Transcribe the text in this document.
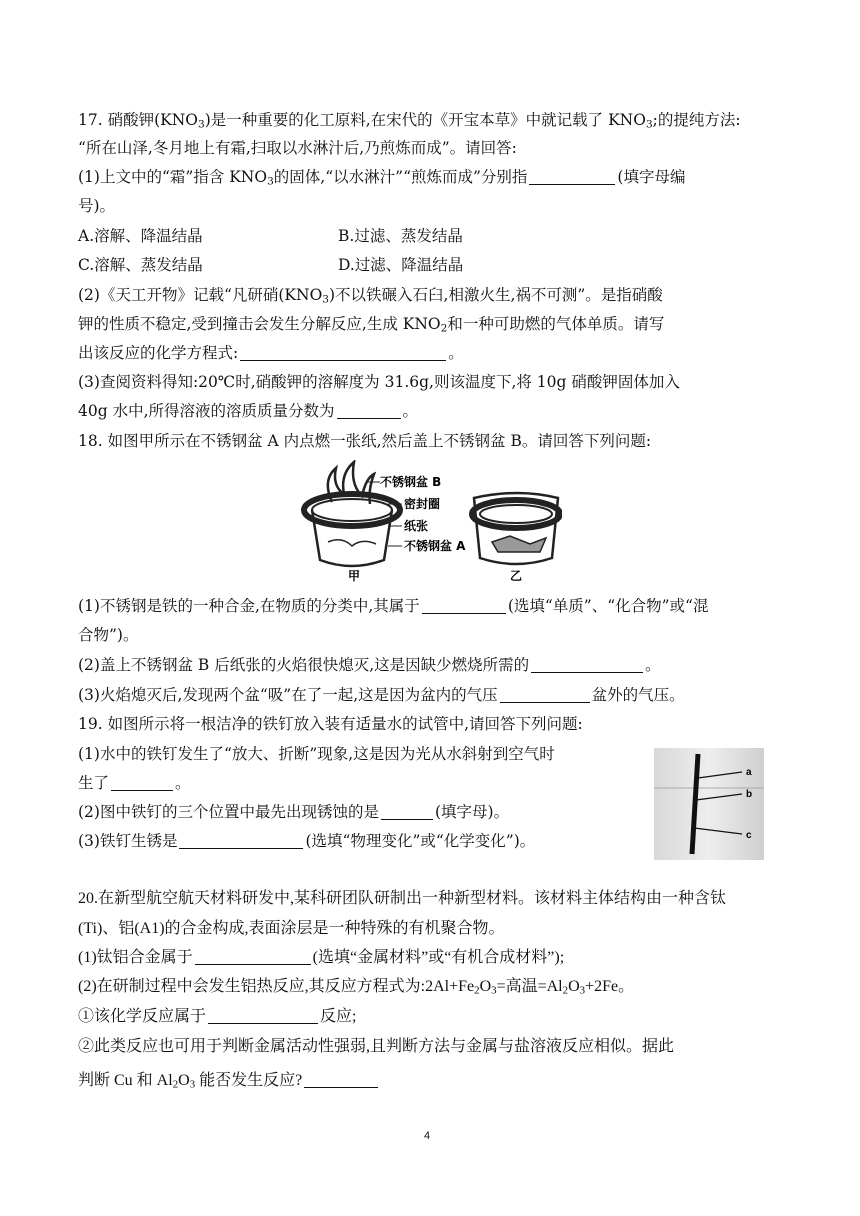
17. 硝酸钾$(KNO_3)$是一种重要的化工原料,在宋代的《开宝本草》中就记载了 $KNO_3$;的提纯方法:
“所在山泽,冬月地上有霜,扫取以水淋汁后,乃煎炼而成”。请回答:
(1)上文中的“霜”指含 $KNO_3$的固体,“以水淋汁”“煎炼而成”分别指	(填字母编
号)。
A.溶解、降温结晶	B.过滤、蒸发结晶
C.溶解、蒸发结晶	D.过滤、降温结晶
(2)《天工开物》记载“凡研硝$(KNO_3)$不以铁碾入石臼,相激火生,祸不可测”。是指硝酸
钾的性质不稳定,受到撞击会发生分解反应,生成 $KNO_2$和一种可助燃的气体单质。请写
出该反应的化学方程式:	。
(3)查阅资料得知:20℃时,硝酸钾的溶解度为 31.6g,则该温度下,将 10g 硝酸钾固体加入
40g 水中,所得溶液的溶质质量分数为	。
18. 如图甲所示在不锈钢盆 A 内点燃一张纸,然后盖上不锈钢盆 B。请回答下列问题:
不锈钢盆 B
密封圈
纸张
不锈钢盆 A
甲	乙
(1)不锈钢是铁的一种合金,在物质的分类中,其属于	(选填“单质”、“化合物”或“混
合物”)。
(2)盖上不锈钢盆 B 后纸张的火焰很快熄灭,这是因缺少燃烧所需的	。
(3)火焰熄灭后,发现两个盆“吸”在了一起,这是因为盆内的气压	盆外的气压。
19. 如图所示将一根洁净的铁钉放入装有适量水的试管中,请回答下列问题:
(1)水中的铁钉发生了“放大、折断”现象,这是因为光从水斜射到空气时
生了	。
(2)图中铁钉的三个位置中最先出现锈蚀的是	(填字母)。
(3)铁钉生锈是	(选填“物理变化”或“化学变化”)。
a
b
c
20.在新型航空航天材料研发中,某科研团队研制出一种新型材料。该材料主体结构由一种含钛
(Ti)、铝(A1)的合金构成,表面涂层是一种特殊的有机聚合物。
(1)钛铝合金属于	(选填“金属材料”或“有机合成材料”);
(2)在研制过程中会发生铝热反应,其反应方程式为$:2Al+Fe_2O_3=$高温$=Al_2O_3+2Fe$。
①该化学反应属于	反应;
②此类反应也可用于判断金属活动性强弱,且判断方法与金属与盐溶液反应相似。据此
判断 Cu 和 $Al_2O_3$ 能否发生反应?
4
